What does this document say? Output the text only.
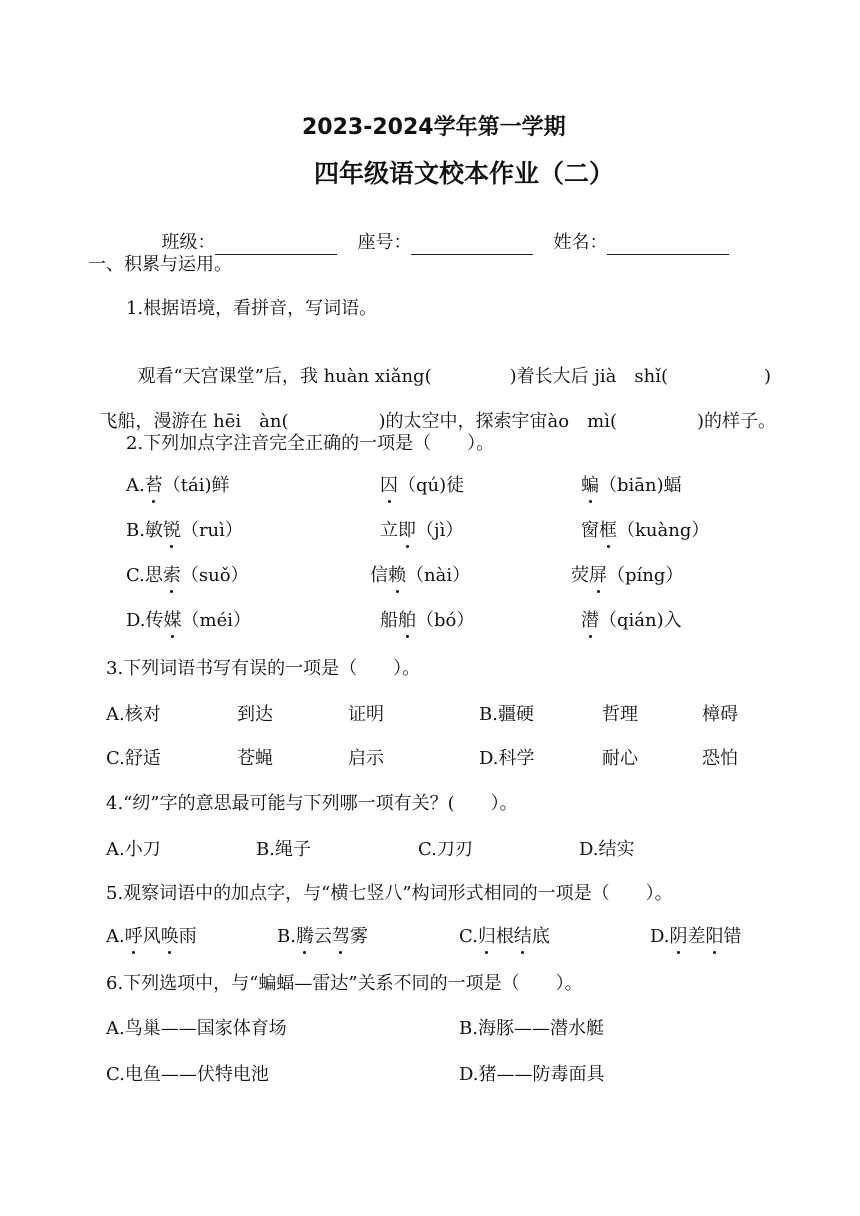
2023-2024学年第一学期
四年级语文校本作业（二）

班级：	座号：	姓名：

一、积累与运用。
1.根据语境，看拼音，写词语。

观看“天宫课堂”后，我 huàn xiǎng(	)着长大后 jià　shǐ(	)

飞船，漫游在 hēi　àn(	)的太空中，探索宇宙ào　mì(	)的样子。

2.下列加点字注音完全正确的一项是（　　）。
A.苔（tái)鲜	囚（qú)徒	蝙（biān)蝠
B.敏锐（ruì）	立即（jì）	窗框（kuàng）
C.思索（suǒ）	信赖（nài）	荧屏（píng）
D.传媒（méi）	船舶（bó）	潜（qián)入
3.下列词语书写有误的一项是（　　）。
A.核对	到达	证明	B.疆硬	哲理	樟碍
C.舒适	苍蝇	启示	D.科学	耐心	恐怕
4.“纫”字的意思最可能与下列哪一项有关？(　　）。
A.小刀	B.绳子	C.刀刃	D.结实
5.观察词语中的加点字，与“横七竖八”构词形式相同的一项是（　　）。
A.呼风唤雨	B.腾云驾雾	C.归根结底	D.阴差阳错
6.下列选项中，与“蝙蝠—雷达”关系不同的一项是（　　）。
A.鸟巢——国家体育场	B.海豚——潜水艇
C.电鱼——伏特电池	D.猪——防毒面具
